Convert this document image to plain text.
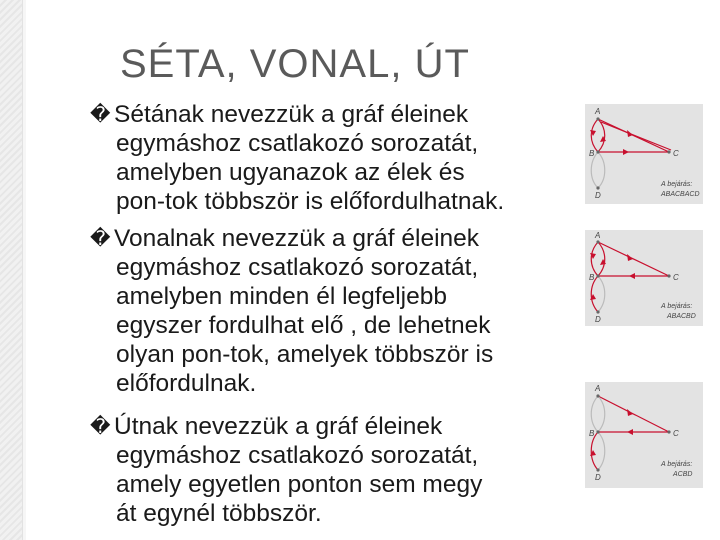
SÉTA, VONAL, ÚT
� Sétának nevezzük a gráf éleinek
egymáshoz csatlakozó sorozatát,
amelyben ugyanazok az élek és
pon-tok többször is előfordulhatnak.
� Vonalnak nevezzük a gráf éleinek
egymáshoz csatlakozó sorozatát,
amelyben minden él legfeljebb
egyszer fordulhat elő , de lehetnek
olyan pon-tok, amelyek többször is
előfordulnak.
� Útnak nevezzük a gráf éleinek
egymáshoz csatlakozó sorozatát,
amely egyetlen ponton sem megy
át egynél többször.
A
B	C
D
A bejárás:
ABACBACD
A
B	C
D
A bejárás:
ABACBD
A
B	C
D
A bejárás:
ACBD
